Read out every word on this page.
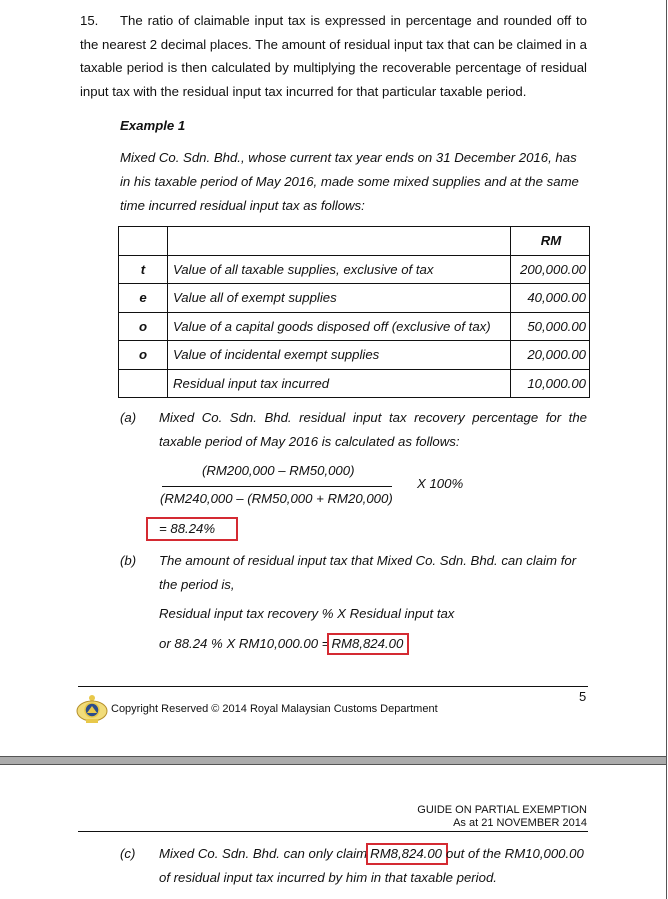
15. The ratio of claimable input tax is expressed in percentage and rounded off to the nearest 2 decimal places. The amount of residual input tax that can be claimed in a taxable period is then calculated by multiplying the recoverable percentage of residual input tax with the residual input tax incurred for that particular taxable period.
Example 1
Mixed Co. Sdn. Bhd., whose current tax year ends on 31 December 2016, has in his taxable period of May 2016, made some mixed supplies and at the same time incurred residual input tax as follows:
		RM
t	Value of all taxable supplies, exclusive of tax	200,000.00
e	Value all of exempt supplies	40,000.00
o	Value of a capital goods disposed off (exclusive of tax)	50,000.00
o	Value of incidental exempt supplies	20,000.00
	Residual input tax incurred	10,000.00
(a) Mixed Co. Sdn. Bhd. residual input tax recovery percentage for the taxable period of May 2016 is calculated as follows:
(RM200,000 – RM50,000)
X 100%
(RM240,000 – (RM50,000 + RM20,000)
= 88.24%
(b) The amount of residual input tax that Mixed Co. Sdn. Bhd. can claim for the period is,
Residual input tax recovery % X Residual input tax
or 88.24 % X RM10,000.00 = RM8,824.00
Copyright Reserved © 2014 Royal Malaysian Customs Department
5
GUIDE ON PARTIAL EXEMPTION
As at 21 NOVEMBER 2014
(c) Mixed Co. Sdn. Bhd. can only claim RM8,824.00 out of the RM10,000.00
of residual input tax incurred by him in that taxable period.
